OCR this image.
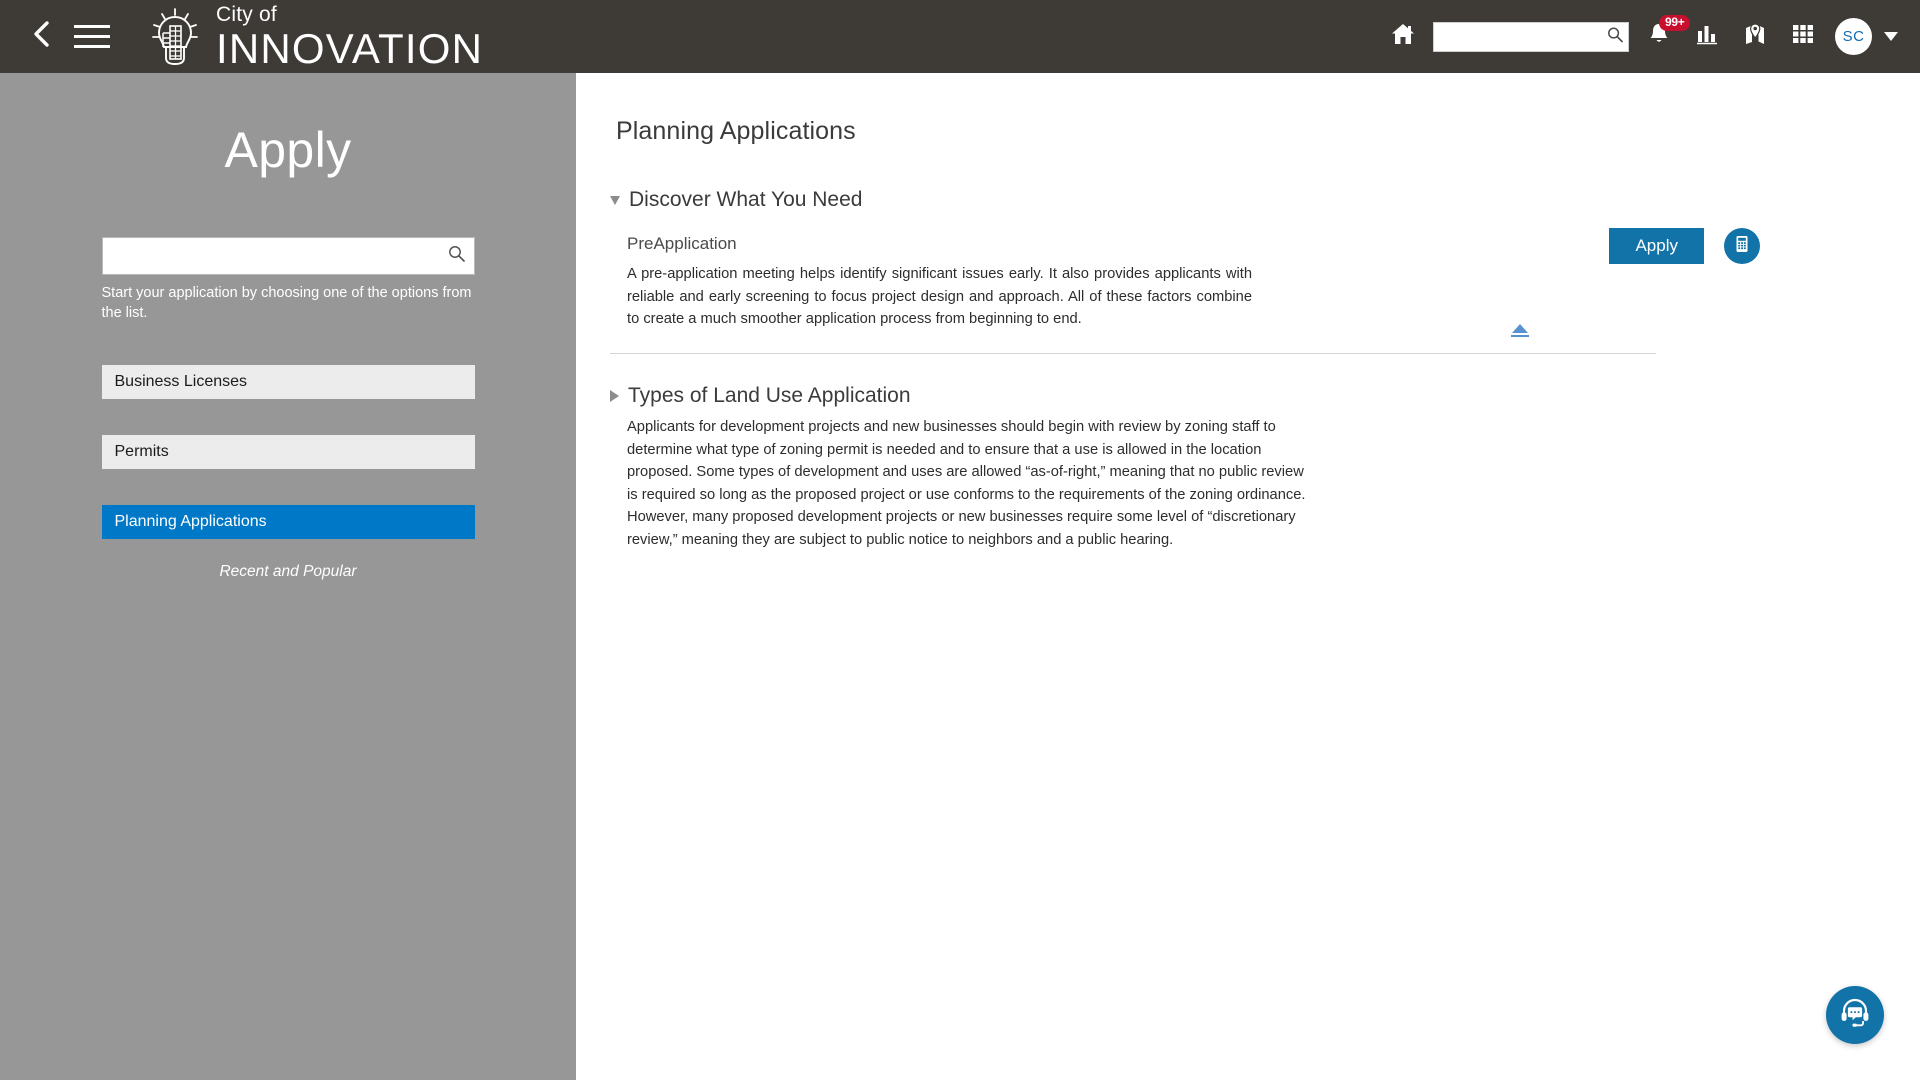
City of
INNOVATION
99+
SC
Apply
Start your application by choosing one of the options from the list.
Business Licenses
Permits
Planning Applications
Recent and Popular
Planning Applications
Discover What You Need
PreApplication
A pre-application meeting helps identify significant issues early. It also provides applicants with reliable and early screening to focus project design and approach. All of these factors combine to create a much smoother application process from beginning to end.
Apply
Types of Land Use Application
Applicants for development projects and new businesses should begin with review by zoning staff to determine what type of zoning permit is needed and to ensure that a use is allowed in the location proposed. Some types of development and uses are allowed “as-of-right,” meaning that no public review is required so long as the proposed project or use conforms to the requirements of the zoning ordinance. However, many proposed development projects or new businesses require some level of “discretionary review,” meaning they are subject to public notice to neighbors and a public hearing.
